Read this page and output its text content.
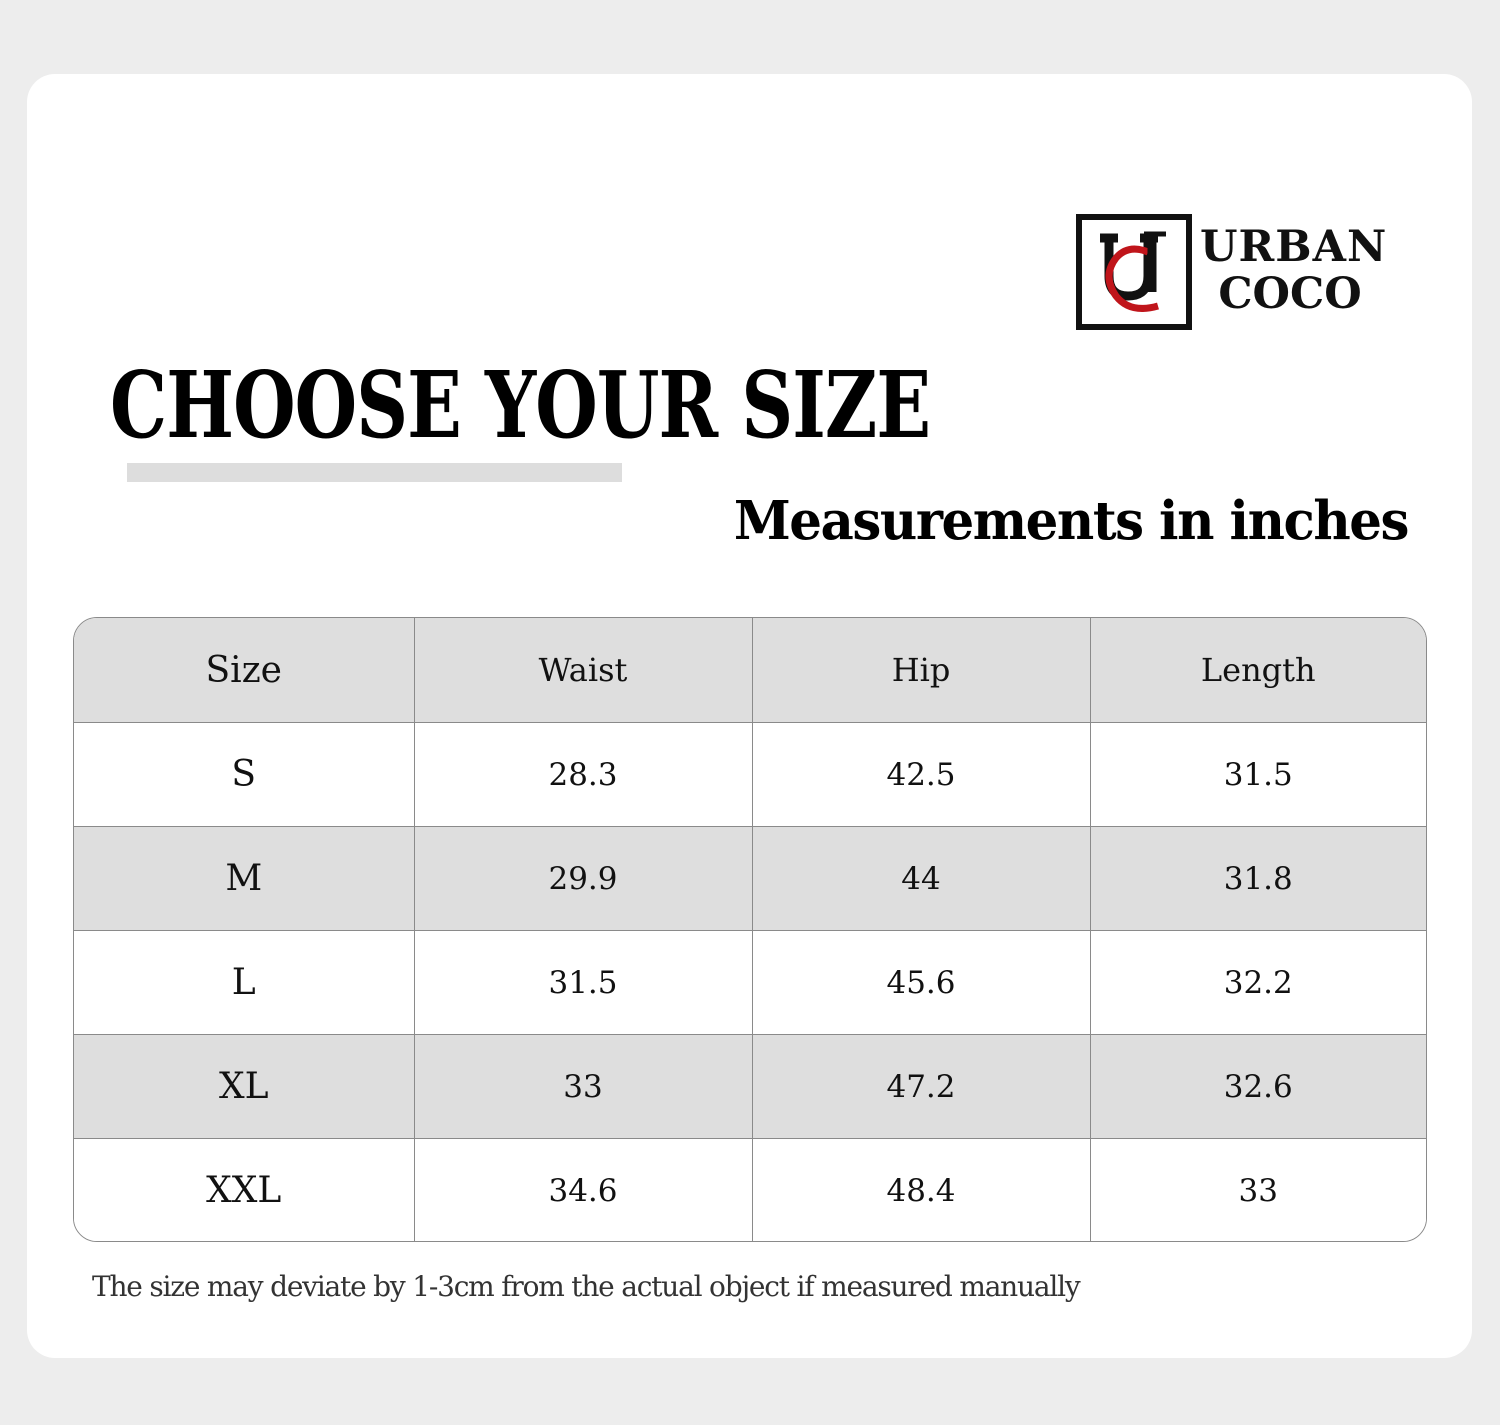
URBAN
COCO
CHOOSE YOUR SIZE
Measurements in inches
Size	Waist	Hip	Length
S	28.3	42.5	31.5
M	29.9	44	31.8
L	31.5	45.6	32.2
XL	33	47.2	32.6
XXL	34.6	48.4	33
The size may deviate by 1-3cm from the actual object if measured manually
